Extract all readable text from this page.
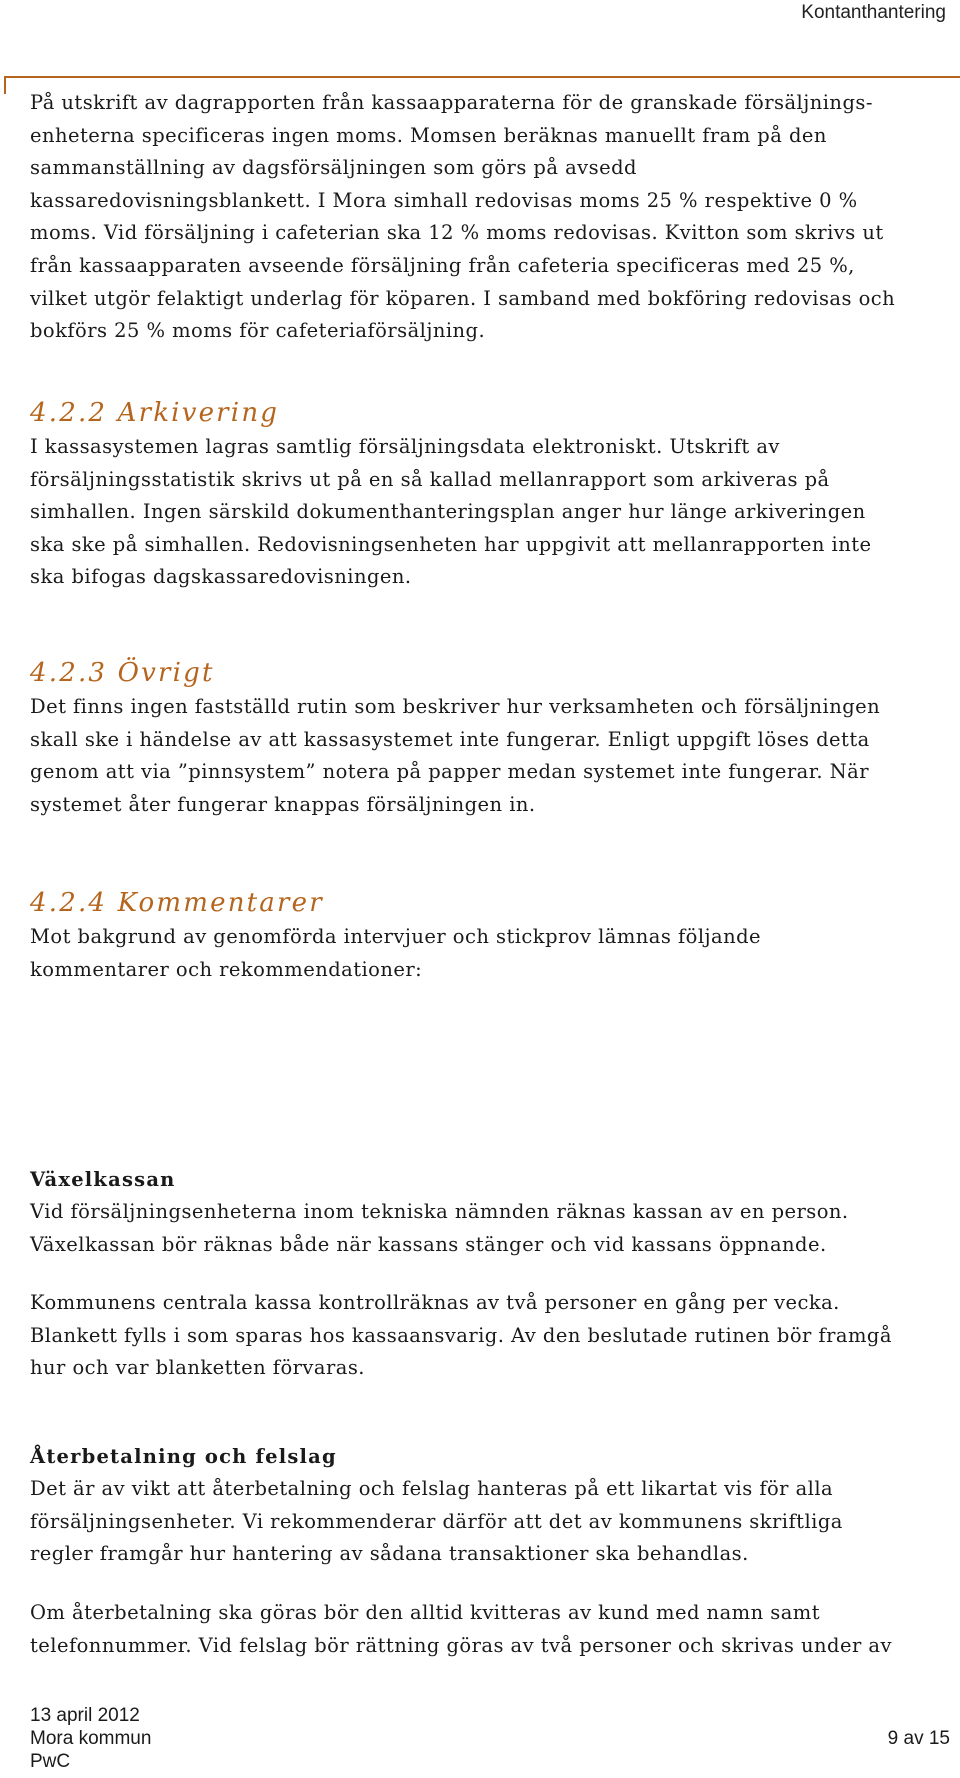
Kontanthantering
På utskrift av dagrapporten från kassaapparaterna för de granskade försäljnings-
enheterna specificeras ingen moms. Momsen beräknas manuellt fram på den
sammanställning av dagsförsäljningen som görs på avsedd
kassaredovisningsblankett. I Mora simhall redovisas moms 25 % respektive 0 %
moms. Vid försäljning i cafeterian ska 12 % moms redovisas. Kvitton som skrivs ut
från kassaapparaten avseende försäljning från cafeteria specificeras med 25 %,
vilket utgör felaktigt underlag för köparen. I samband med bokföring redovisas och
bokförs 25 % moms för cafeteriaförsäljning.
4.2.2 Arkivering
I kassasystemen lagras samtlig försäljningsdata elektroniskt. Utskrift av
försäljningsstatistik skrivs ut på en så kallad mellanrapport som arkiveras på
simhallen. Ingen särskild dokumenthanteringsplan anger hur länge arkiveringen
ska ske på simhallen. Redovisningsenheten har uppgivit att mellanrapporten inte
ska bifogas dagskassaredovisningen.
4.2.3 Övrigt
Det finns ingen fastställd rutin som beskriver hur verksamheten och försäljningen
skall ske i händelse av att kassasystemet inte fungerar. Enligt uppgift löses detta
genom att via ”pinnsystem” notera på papper medan systemet inte fungerar. När
systemet åter fungerar knappas försäljningen in.
4.2.4 Kommentarer
Mot bakgrund av genomförda intervjuer och stickprov lämnas följande
kommentarer och rekommendationer:
Växelkassan
Vid försäljningsenheterna inom tekniska nämnden räknas kassan av en person.
Växelkassan bör räknas både när kassans stänger och vid kassans öppnande.
Kommunens centrala kassa kontrollräknas av två personer en gång per vecka.
Blankett fylls i som sparas hos kassaansvarig. Av den beslutade rutinen bör framgå
hur och var blanketten förvaras.
Återbetalning och felslag
Det är av vikt att återbetalning och felslag hanteras på ett likartat vis för alla
försäljningsenheter. Vi rekommenderar därför att det av kommunens skriftliga
regler framgår hur hantering av sådana transaktioner ska behandlas.
Om återbetalning ska göras bör den alltid kvitteras av kund med namn samt
telefonnummer. Vid felslag bör rättning göras av två personer och skrivas under av
13 april 2012
Mora kommun
PwC
9 av 15
